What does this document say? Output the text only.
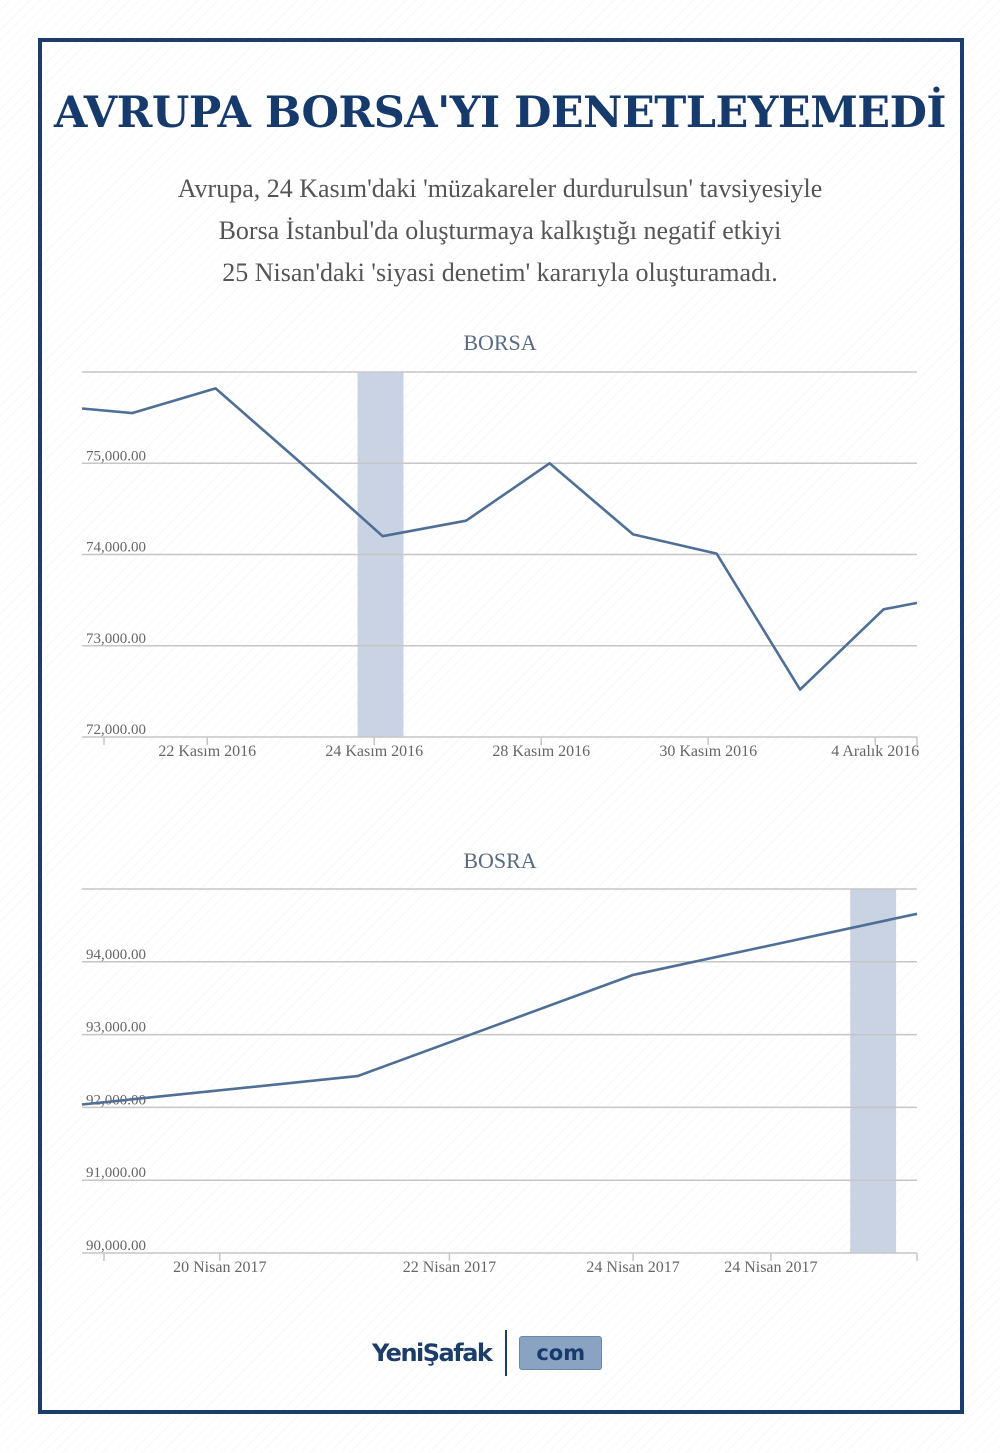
AVRUPA BORSA'YI DENETLEYEMEDİ
Avrupa, 24 Kasım'daki 'müzakareler durdurulsun' tavsiyesiyle
Borsa İstanbul'da oluşturmaya kalkıştığı negatif etkiyi
25 Nisan'daki 'siyasi denetim' kararıyla oluşturamadı.
BORSA
72,000.00
73,000.00
74,000.00
75,000.00
22 Kasım 2016	24 Kasım 2016	28 Kasım 2016	30 Kasım 2016	4 Aralık 2016
BOSRA
90,000.00
91,000.00
92,000.00
93,000.00
94,000.00
20 Nisan 2017	22 Nisan 2017	24 Nisan 2017	24 Nisan 2017
YeniŞafak	com
